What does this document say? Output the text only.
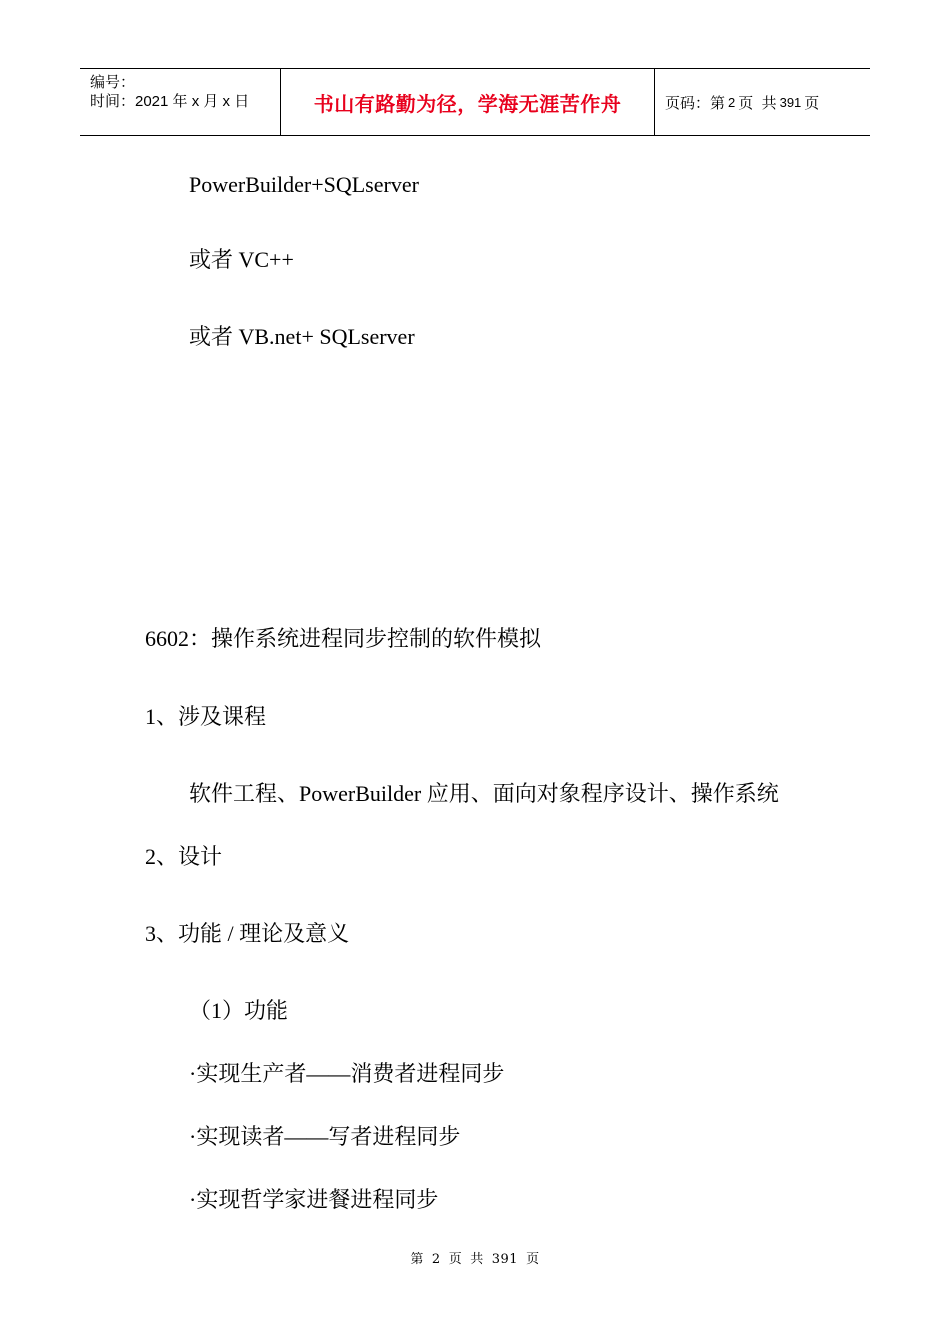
编号：
时间：2021 年 x 月 x 日	书山有路勤为径，学海无涯苦作舟	页码：第 2 页  共 391 页
PowerBuilder+SQLserver
或者 VC++
或者 VB.net+ SQLserver
6602：操作系统进程同步控制的软件模拟
1、涉及课程
软件工程、PowerBuilder 应用、面向对象程序设计、操作系统
2、设计
3、功能 / 理论及意义
（1）功能
·实现生产者——消费者进程同步
·实现读者——写者进程同步
·实现哲学家进餐进程同步
第 2 页 共 391 页
